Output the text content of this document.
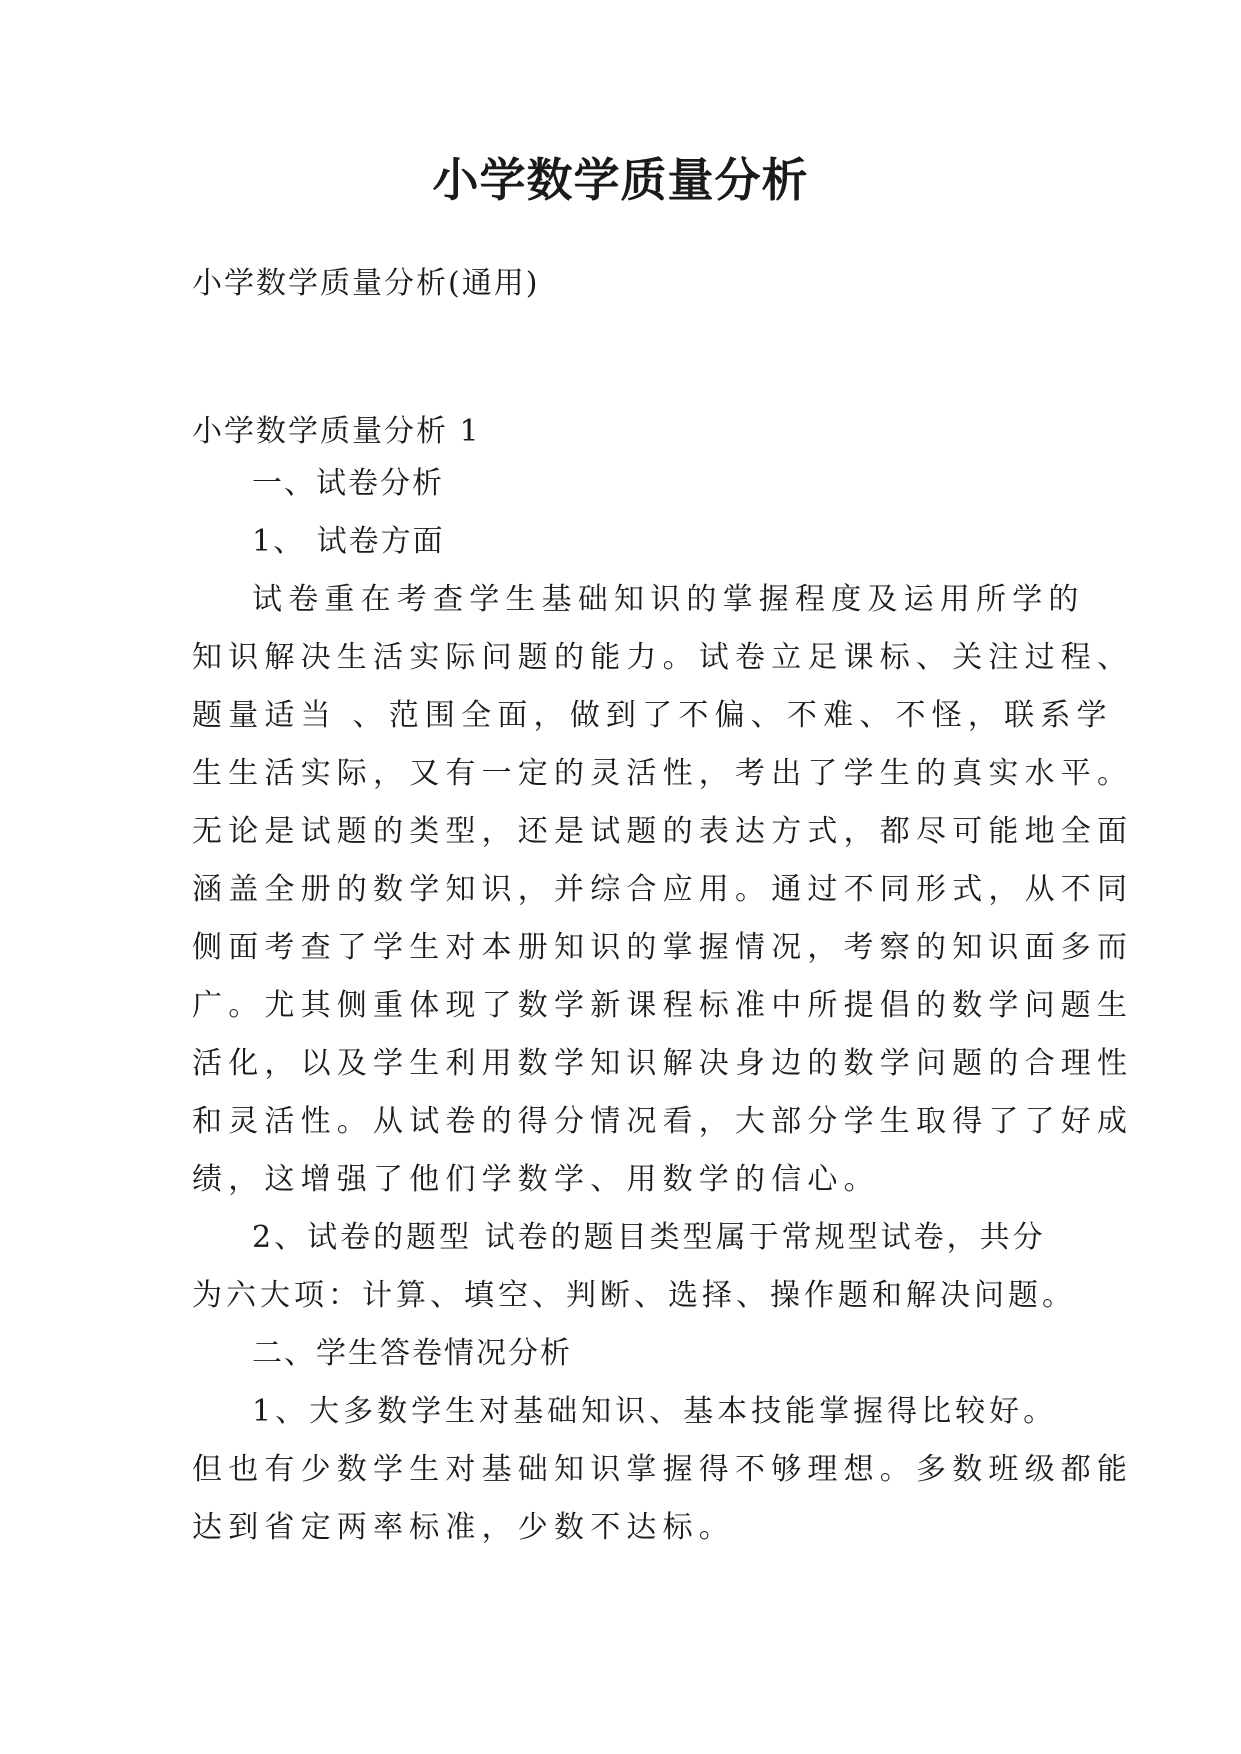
小学数学质量分析
小学数学质量分析(通用)
小学数学质量分析 1
一、试卷分析
1、 试卷方面
试卷重在考查学生基础知识的掌握程度及运用所学的
知识解决生活实际问题的能力。试卷立足课标、关注过程、
题量适当 、范围全面，做到了不偏、不难、不怪，联系学
生生活实际，又有一定的灵活性，考出了学生的真实水平。
无论是试题的类型，还是试题的表达方式，都尽可能地全面
涵盖全册的数学知识，并综合应用。通过不同形式，从不同
侧面考查了学生对本册知识的掌握情况，考察的知识面多而
广。尤其侧重体现了数学新课程标准中所提倡的数学问题生
活化，以及学生利用数学知识解决身边的数学问题的合理性
和灵活性。从试卷的得分情况看，大部分学生取得了了好成
绩，这增强了他们学数学、用数学的信心。
2、试卷的题型 试卷的题目类型属于常规型试卷，共分
为六大项：计算、填空、判断、选择、操作题和解决问题。
二、学生答卷情况分析
1、大多数学生对基础知识、基本技能掌握得比较好。
但也有少数学生对基础知识掌握得不够理想。多数班级都能
达到省定两率标准，少数不达标。
